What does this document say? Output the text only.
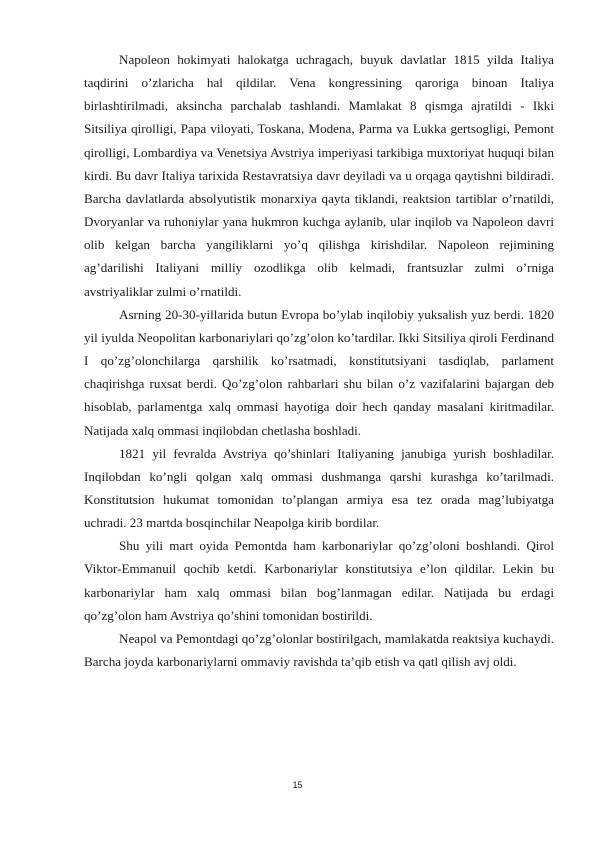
Napoleon hokimyati halokatga uchragach, buyuk davlatlar 1815 yilda Italiya taqdirini o’zlaricha hal qildilar. Vena kongressining qaroriga binoan Italiya birlashtirilmadi, aksincha parchalab tashlandi. Mamlakat 8 qismga ajratildi - Ikki Sitsiliya qirolligi, Papa viloyati, Toskana, Modena, Parma va Lukka gertsogligi, Pemont qirolligi, Lombardiya va Venetsiya Avstriya imperiyasi tarkibiga muxtoriyat huquqi bilan kirdi. Bu davr Italiya tarixida Restavratsiya davr deyiladi va u orqaga qaytishni bildiradi. Barcha davlatlarda absolyutistik monarxiya qayta tiklandi, reaktsion tartiblar o’rnatildi, Dvoryanlar va ruhoniylar yana hukmron kuchga aylanib, ular inqilob va Napoleon davri olib kelgan barcha yangiliklarni yo’q qilishga kirishdilar. Napoleon rejimining ag’darilishi Italiyani milliy ozodlikga olib kelmadi, frantsuzlar zulmi o’rniga avstriyaliklar zulmi o’rnatildi.

Asrning 20-30-yillarida butun Evropa bo’ylab inqilobiy yuksalish yuz berdi. 1820 yil iyulda Neopolitan karbonariylari qo’zg’olon ko’tardilar. Ikki Sitsiliya qiroli Ferdinand I qo’zg’olonchilarga qarshilik ko’rsatmadi, konstitutsiyani tasdiqlab, parlament chaqirishga ruxsat berdi. Qo’zg’olon rahbarlari shu bilan o’z vazifalarini bajargan deb hisoblab, parlamentga xalq ommasi hayotiga doir hech qanday masalani kiritmadilar. Natijada xalq ommasi inqilobdan chetlasha boshladi.

1821 yil fevralda Avstriya qo’shinlari Italiyaning janubiga yurish boshladilar. Inqilobdan ko’ngli qolgan xalq ommasi dushmanga qarshi kurashga ko’tarilmadi. Konstitutsion hukumat tomonidan to’plangan armiya esa tez orada mag’lubiyatga uchradi. 23 martda bosqinchilar Neapolga kirib bordilar.

Shu yili mart oyida Pemontda ham karbonariylar qo’zg’oloni boshlandi. Qirol Viktor-Emmanuil qochib ketdi. Karbonariylar konstitutsiya e’lon qildilar. Lekin bu karbonariylar ham xalq ommasi bilan bog’lanmagan edilar. Natijada bu erdagi qo’zg’olon ham Avstriya qo’shini tomonidan bostirildi.

Neapol va Pemontdagi qo’zg’olonlar bostirilgach, mamlakatda reaktsiya kuchaydi. Barcha joyda karbonariylarni ommaviy ravishda ta’qib etish va qatl qilish avj oldi.

15
